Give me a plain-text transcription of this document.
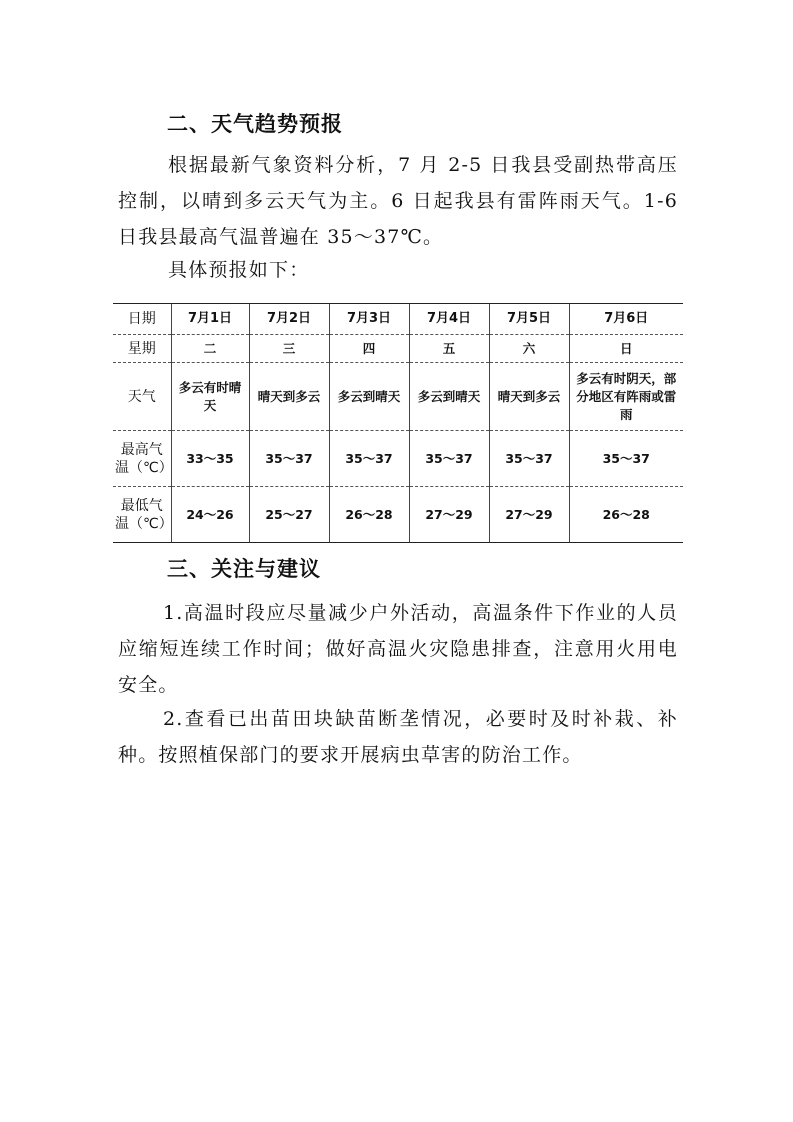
二、天气趋势预报
根据最新气象资料分析，7 月 2-5 日我县受副热带高压控制，以晴到多云天气为主。6 日起我县有雷阵雨天气。1-6 日我县最高气温普遍在 35～37℃。
具体预报如下：
日期	7月1日	7月2日	7月3日	7月4日	7月5日	7月6日
星期	二	三	四	五	六	日
天气	多云有时晴天	晴天到多云	多云到晴天	多云到晴天	晴天到多云	多云有时阴天，部分地区有阵雨或雷雨
最高气温（℃）	33～35	35～37	35～37	35～37	35～37	35～37
最低气温（℃）	24～26	25～27	26～28	27～29	27～29	26～28
三、关注与建议
1.高温时段应尽量减少户外活动，高温条件下作业的人员应缩短连续工作时间；做好高温火灾隐患排查，注意用火用电安全。
2.查看已出苗田块缺苗断垄情况，必要时及时补栽、补种。按照植保部门的要求开展病虫草害的防治工作。
